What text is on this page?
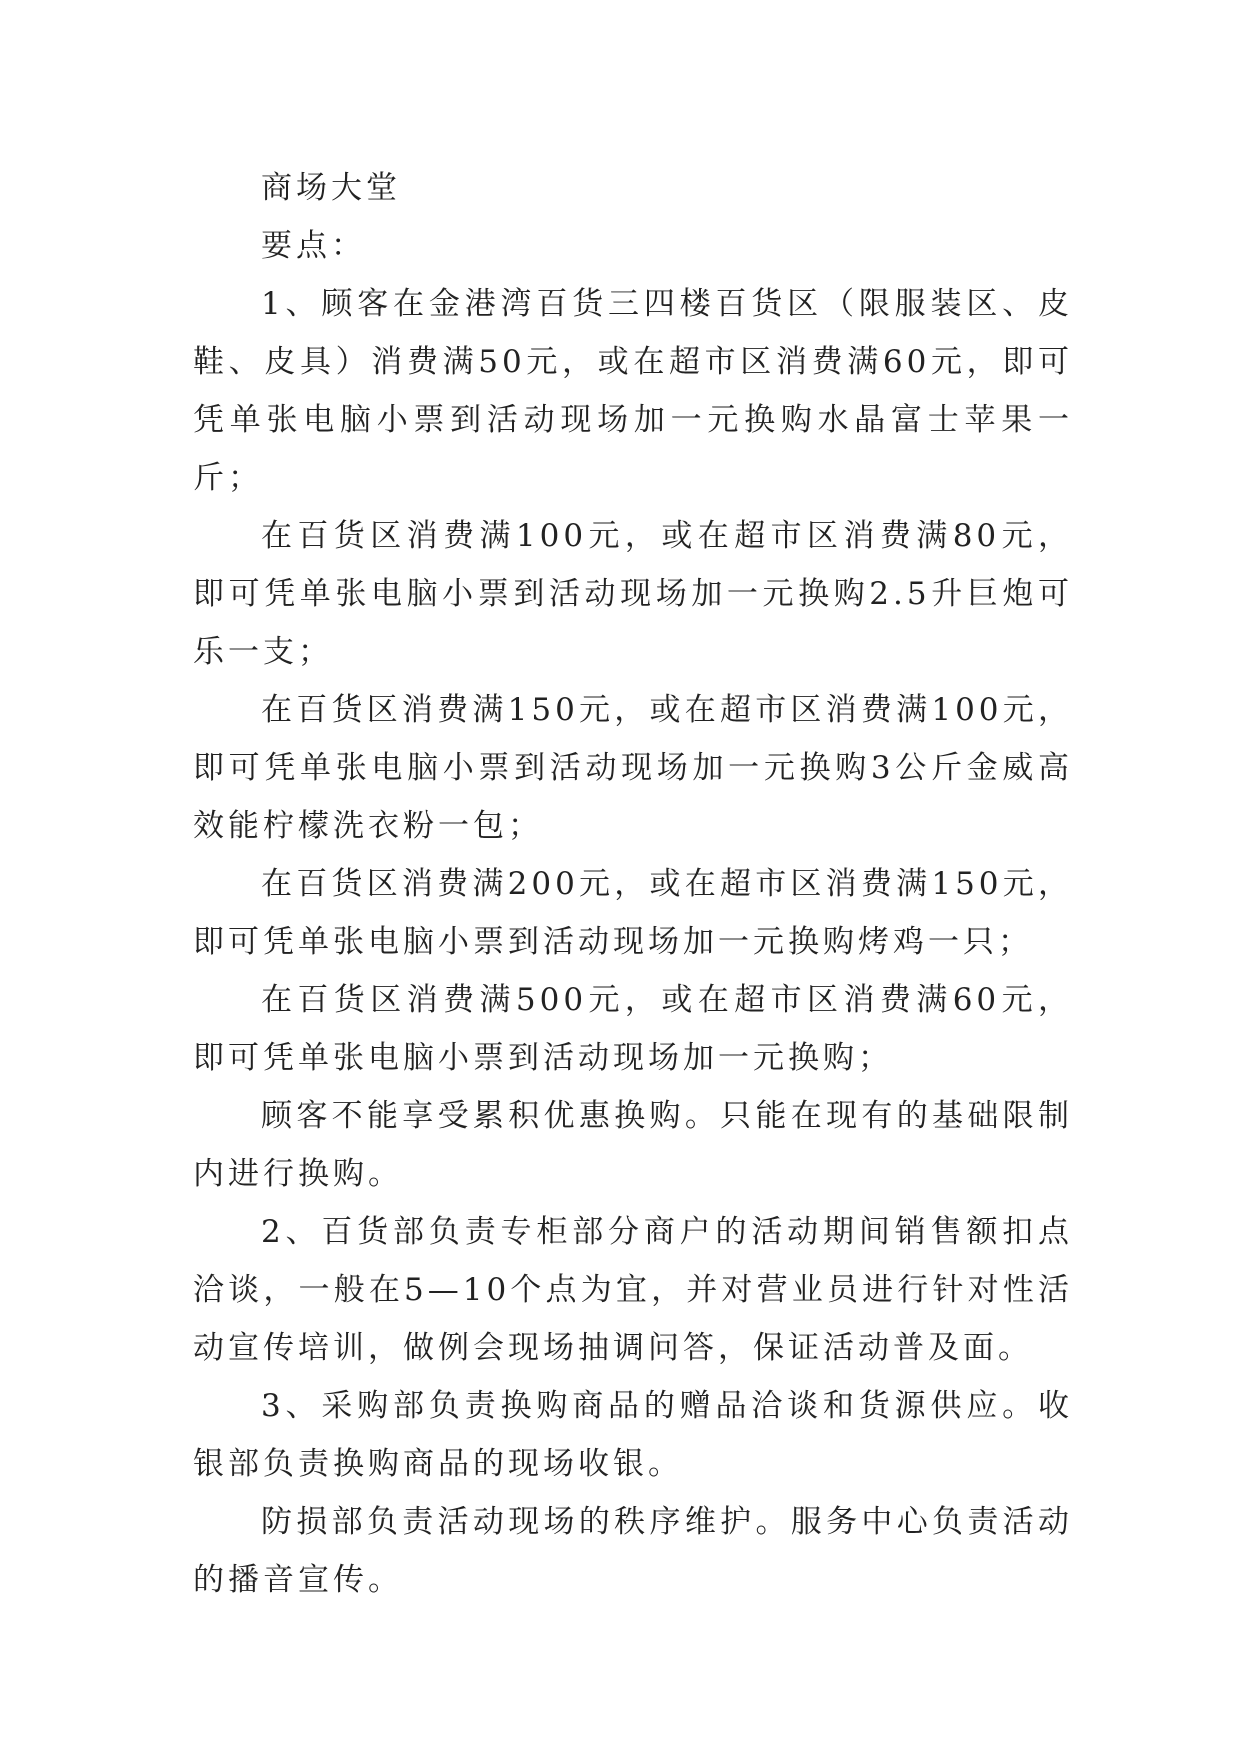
商场大堂

要点：

1、顾客在金港湾百货三四楼百货区（限服装区、皮鞋、皮具）消费满50元，或在超市区消费满60元，即可凭单张电脑小票到活动现场加一元换购水晶富士苹果一斤；

在百货区消费满100元，或在超市区消费满80元，即可凭单张电脑小票到活动现场加一元换购2.5升巨炮可乐一支；

在百货区消费满150元，或在超市区消费满100元，即可凭单张电脑小票到活动现场加一元换购3公斤金威高效能柠檬洗衣粉一包；

在百货区消费满200元，或在超市区消费满150元，即可凭单张电脑小票到活动现场加一元换购烤鸡一只；

在百货区消费满500元，或在超市区消费满60元，即可凭单张电脑小票到活动现场加一元换购；

顾客不能享受累积优惠换购。只能在现有的基础限制内进行换购。

2、百货部负责专柜部分商户的活动期间销售额扣点洽谈，一般在5—10个点为宜，并对营业员进行针对性活动宣传培训，做例会现场抽调问答，保证活动普及面。

3、采购部负责换购商品的赠品洽谈和货源供应。收银部负责换购商品的现场收银。

防损部负责活动现场的秩序维护。服务中心负责活动的播音宣传。
